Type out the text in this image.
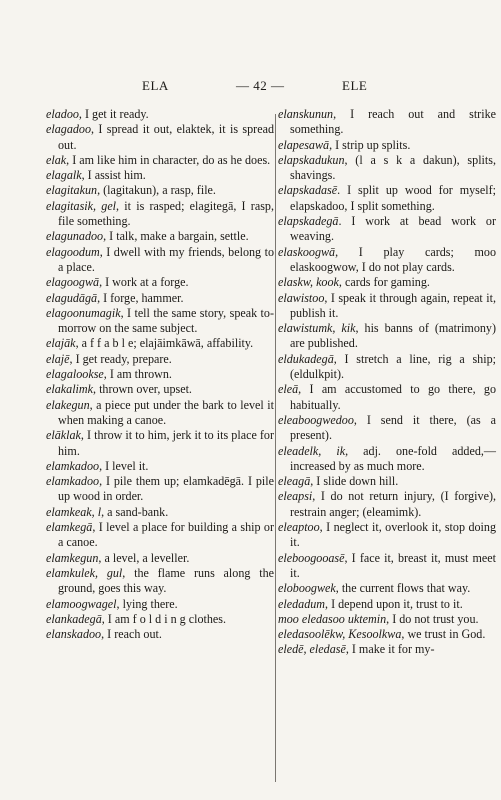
ELA	— 42 —	ELE
eladoo, I get it ready.
elagadoo, I spread it out, elaktek, it is spread out.
elak, I am like him in character, do as he does.
elagalk, I assist him.
elagitakun, (lagitakun), a rasp, file.
elagitasik, gel, it is rasped; elagitegā, I rasp, file something.
elagunadoo, I talk, make a bargain, settle.
elagoodum, I dwell with my friends, belong to a place.
elagoogwā, I work at a forge.
elagudāgā, I forge, hammer.
elagoonumagik, I tell the same story, speak to-morrow on the same subject.
elajāk, a f f a b l e; elajāimkāwā, affability.
elajē, I get ready, prepare.
elagalookse, I am thrown.
elakalimk, thrown over, upset.
elakegun, a piece put under the bark to level it when making a canoe.
elāklak, I throw it to him, jerk it to its place for him.
elamkadoo, I level it.
elamkadoo, I pile them up; elamkadēgā. I pile up wood in order.
elamkeak, l, a sand-bank.
elamkegā, I level a place for building a ship or a canoe.
elamkegun, a level, a leveller.
elamkulek, gul, the flame runs along the ground, goes this way.
elamoogwagel, lying there.
elankadegā, I am f o l d i n g clothes.
elanskadoo, I reach out.
elanskunun, I reach out and strike something.
elapesawā, I strip up splits.
elapskadukun, (l a s k a dakun), splits, shavings.
elapskadasē. I split up wood for myself; elapskadoo, I split something.
elapskadegā. I work at bead work or weaving.
elaskoogwā, I play cards; moo elaskoogwow, I do not play cards.
elaskw, kook, cards for gaming.
elawistoo, I speak it through again, repeat it, publish it.
elawistumk, kik, his banns of (matrimony) are published.
eldukadegā, I stretch a line, rig a ship; (eldulkpit).
eleā, I am accustomed to go there, go habitually.
eleaboogwedoo, I send it there, (as a present).
eleadelk, ik, adj. one-fold added,— increased by as much more.
eleagā, I slide down hill.
eleapsi, I do not return injury, (I forgive), restrain anger; (eleamimk).
eleaptoo, I neglect it, overlook it, stop doing it.
eleboogooasē, I face it, breast it, must meet it.
eloboogwek, the current flows that way.
eledadum, I depend upon it, trust to it.
moo eledasoo uktemin, I do not trust you.
eledasoolēkw, Kesoolkwa, we trust in God.
eledē, eledasē, I make it for my-
